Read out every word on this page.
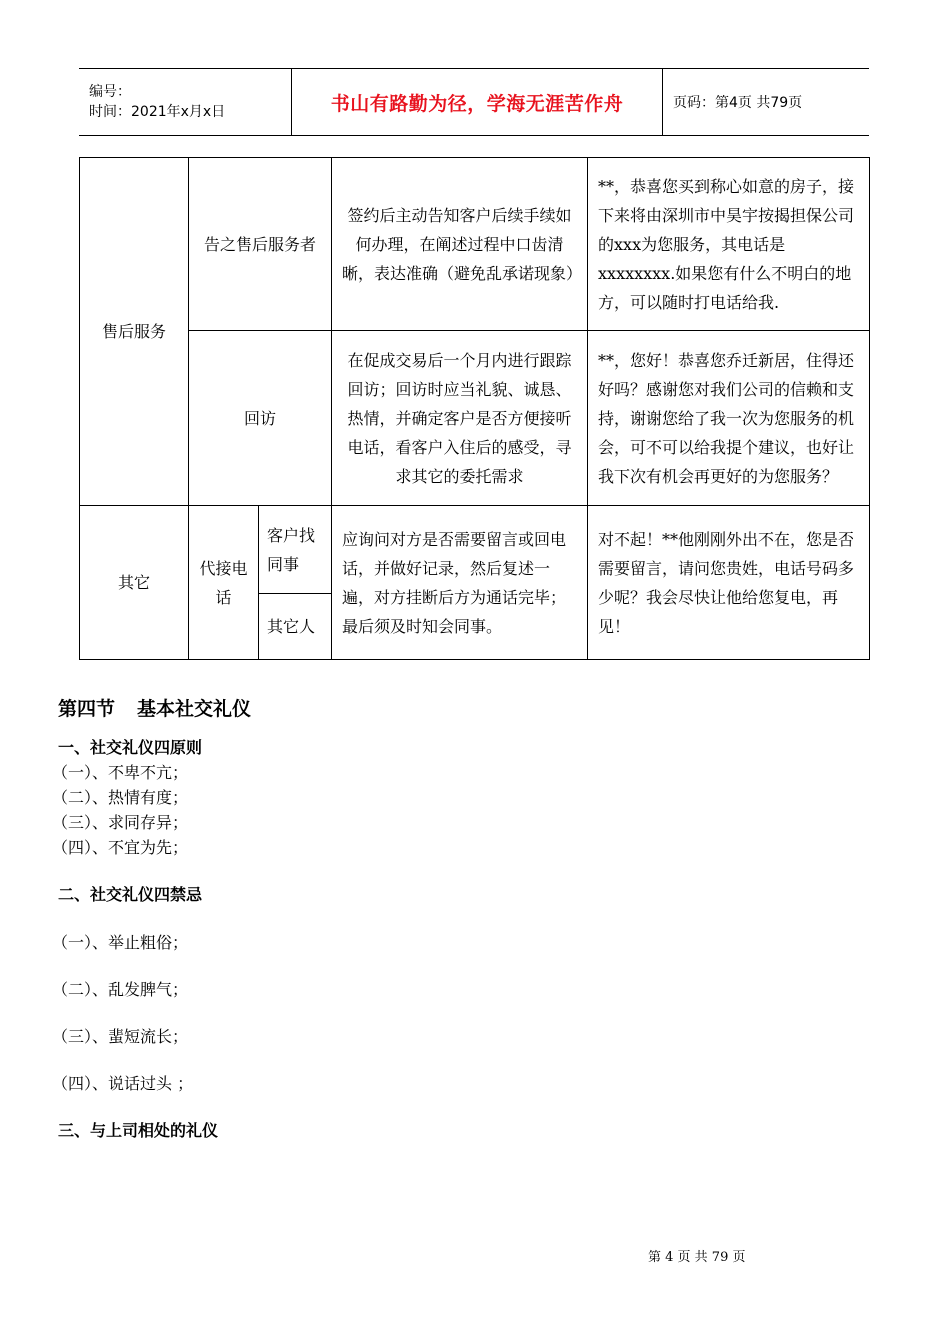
编号：
时间：2021年x月x日	书山有路勤为径，学海无涯苦作舟	页码：第4页 共79页
售后服务	告之售后服务者		签约后主动告知客户后续手续如何办理，在阐述过程中口齿清晰，表达准确（避免乱承诺现象）	**，恭喜您买到称心如意的房子，接下来将由深圳市中昊宇按揭担保公司的xxx为您服务，其电话是xxxxxxxx.如果您有什么不明白的地方，可以随时打电话给我.
	回访		在促成交易后一个月内进行跟踪回访；回访时应当礼貌、诚恳、热情，并确定客户是否方便接听电话，看客户入住后的感受，寻求其它的委托需求	**，您好！恭喜您乔迁新居，住得还好吗？感谢您对我们公司的信赖和支持，谢谢您给了我一次为您服务的机会，可不可以给我提个建议，也好让我下次有机会再更好的为您服务？
其它	代接电话	客户找同事	应询问对方是否需要留言或回电话，并做好记录，然后复述一遍，对方挂断后方为通话完毕；最后须及时知会同事。	对不起！**他刚刚外出不在，您是否需要留言，请问您贵姓，电话号码多少呢？我会尽快让他给您复电，再见！
		其它人		
第四节 基本社交礼仪
一、社交礼仪四原则
（一）、不卑不亢；
（二）、热情有度；
（三）、求同存异；
（四）、不宜为先；
二、社交礼仪四禁忌
（一）、举止粗俗；
（二）、乱发脾气；
（三）、蜚短流长；
（四）、说话过头 ；
三、与上司相处的礼仪
第 4 页 共 79 页
